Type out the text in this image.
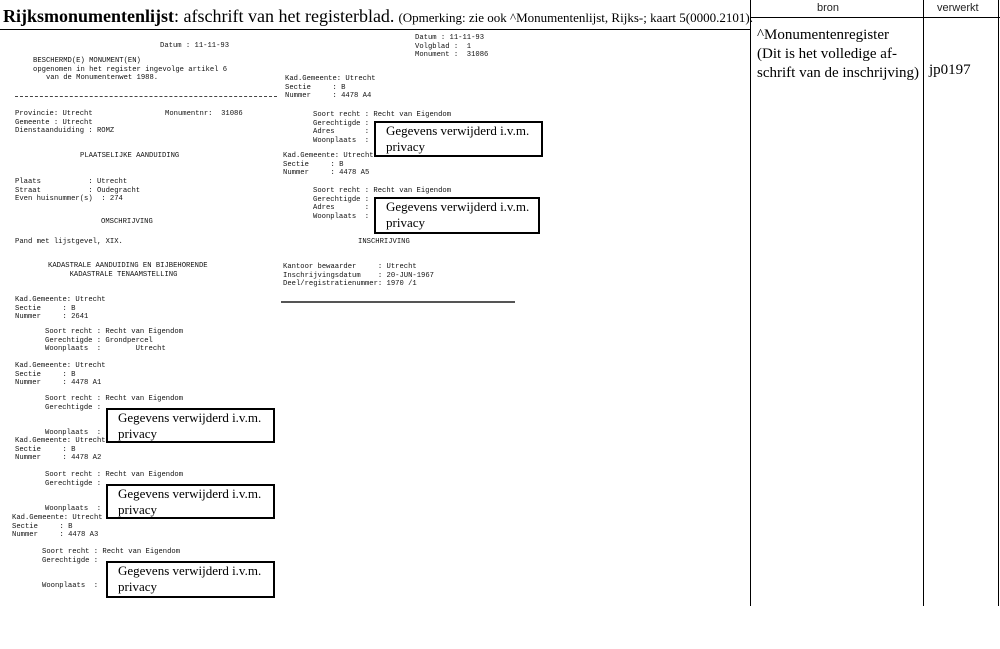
Rijksmonumentenlijst: afschrift van het registerblad. (Opmerking: zie ook ^Monumentenlijst, Rijks-; kaart 5(0000.2101).
bron	verwerkt
^Monumentenregister
(Dit is het volledige af-
schrift van de inschrijving) jp0197
Datum : 11-11-93
BESCHERMD(E) MONUMENT(EN)
opgenomen in het register ingevolge artikel 6
van de Monumentenwet 1988.
Provincie: Utrecht
Gemeente : Utrecht
Dienstaanduiding : ROMZ
Monumentnr:  31086
PLAATSELIJKE AANDUIDING
Plaats           : Utrecht
Straat           : Oudegracht
Even huisnummer(s)  : 274
OMSCHRIJVING
Pand met lijstgevel, XIX.
KADASTRALE AANDUIDING EN BIJBEHORENDE
KADASTRALE TENAAMSTELLING
Kad.Gemeente: Utrecht
Sectie     : B
Nummer     : 2641
Soort recht : Recht van Eigendom
Gerechtigde : Grondpercel
Woonplaats  :        Utrecht
Kad.Gemeente: Utrecht
Sectie     : B
Nummer     : 4478 A1
Soort recht : Recht van Eigendom
Gerechtigde :

Woonplaats  :
Gegevens verwijderd i.v.m.
privacy
Kad.Gemeente: Utrecht
Sectie     : B
Nummer     : 4478 A2
Soort recht : Recht van Eigendom
Gerechtigde :

Woonplaats  :
Gegevens verwijderd i.v.m.
privacy
Kad.Gemeente: Utrecht
Sectie     : B
Nummer     : 4478 A3
Soort recht : Recht van Eigendom
Gerechtigde :

Woonplaats  :
Gegevens verwijderd i.v.m.
privacy
Datum : 11-11-93
Volgblad :  1
Monument :  31086
Kad.Gemeente: Utrecht
Sectie     : B
Nummer     : 4478 A4
Soort recht : Recht van Eigendom
Gerechtigde :
Adres       :
Woonplaats  :
Gegevens verwijderd i.v.m.
privacy
Kad.Gemeente: Utrecht
Sectie     : B
Nummer     : 4478 A5
Soort recht : Recht van Eigendom
Gerechtigde :
Adres       :
Woonplaats  :
Gegevens verwijderd i.v.m.
privacy
INSCHRIJVING
Kantoor bewaarder     : Utrecht
Inschrijvingsdatum    : 20-JUN-1967
Deel/registratienummer: 1970 /1
